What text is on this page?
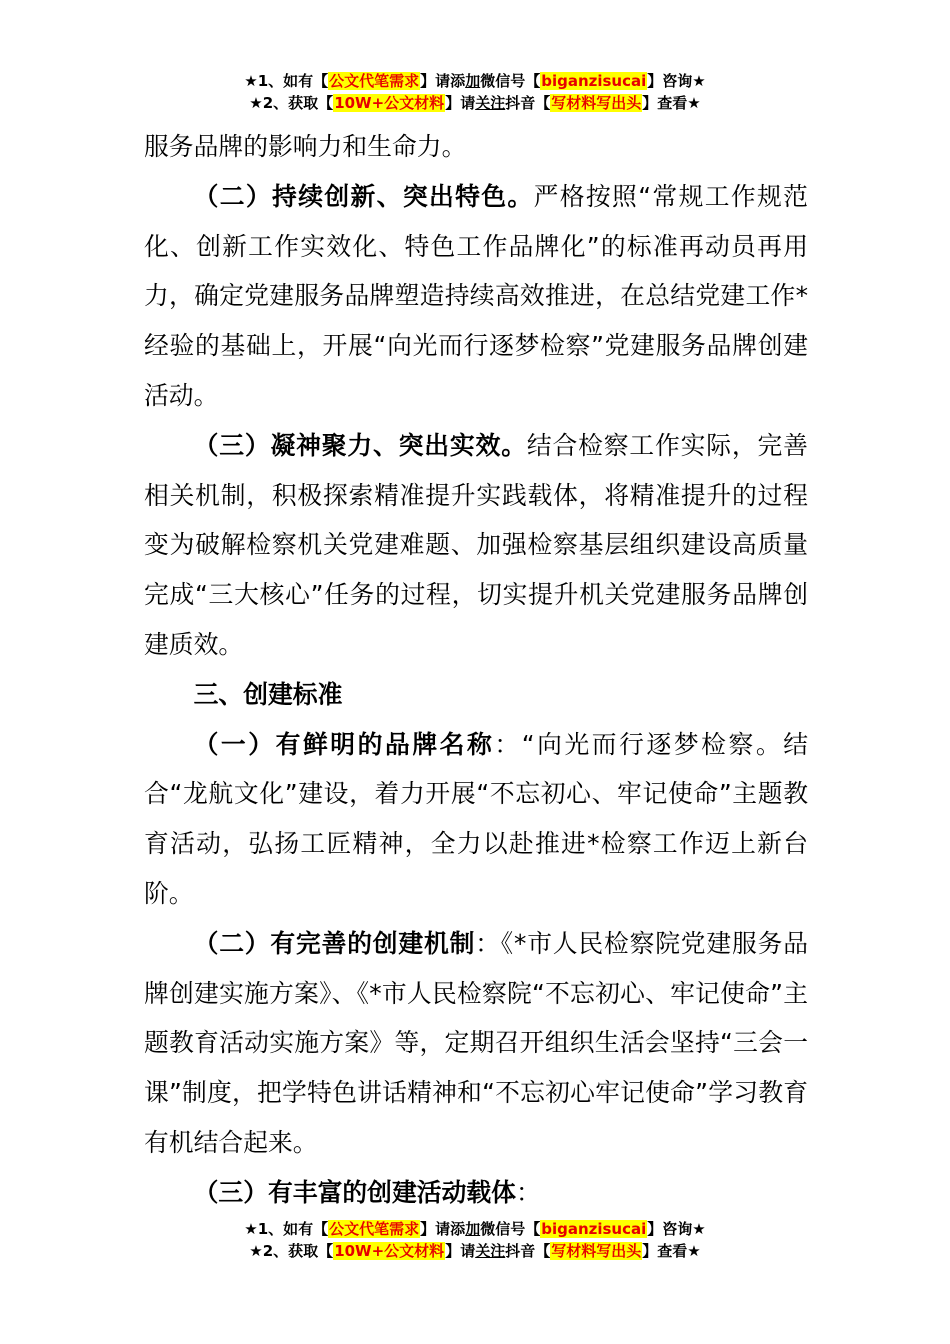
★1、如有【公文代笔需求】请添加微信号【biganzisucai】咨询★
★2、获取【10W+公文材料】请关注抖音【写材料写出头】查看★

服务品牌的影响力和生命力。

（二）持续创新、突出特色。严格按照“常规工作规范化、创新工作实效化、特色工作品牌化”的标准再动员再用力，确定党建服务品牌塑造持续高效推进，在总结党建工作*经验的基础上，开展“向光而行逐梦检察”党建服务品牌创建活动。

（三）凝神聚力、突出实效。结合检察工作实际，完善相关机制，积极探索精准提升实践载体，将精准提升的过程变为破解检察机关党建难题、加强检察基层组织建设高质量完成“三大核心”任务的过程，切实提升机关党建服务品牌创建质效。

三、创建标准

（一）有鲜明的品牌名称：“向光而行逐梦检察。结合“龙航文化”建设，着力开展“不忘初心、牢记使命”主题教育活动，弘扬工匠精神，全力以赴推进*检察工作迈上新台阶。

（二）有完善的创建机制：《*市人民检察院党建服务品牌创建实施方案》、《*市人民检察院“不忘初心、牢记使命”主题教育活动实施方案》等，定期召开组织生活会坚持“三会一课”制度，把学特色讲话精神和“不忘初心牢记使命”学习教育有机结合起来。

（三）有丰富的创建活动载体：

★1、如有【公文代笔需求】请添加微信号【biganzisucai】咨询★
★2、获取【10W+公文材料】请关注抖音【写材料写出头】查看★
